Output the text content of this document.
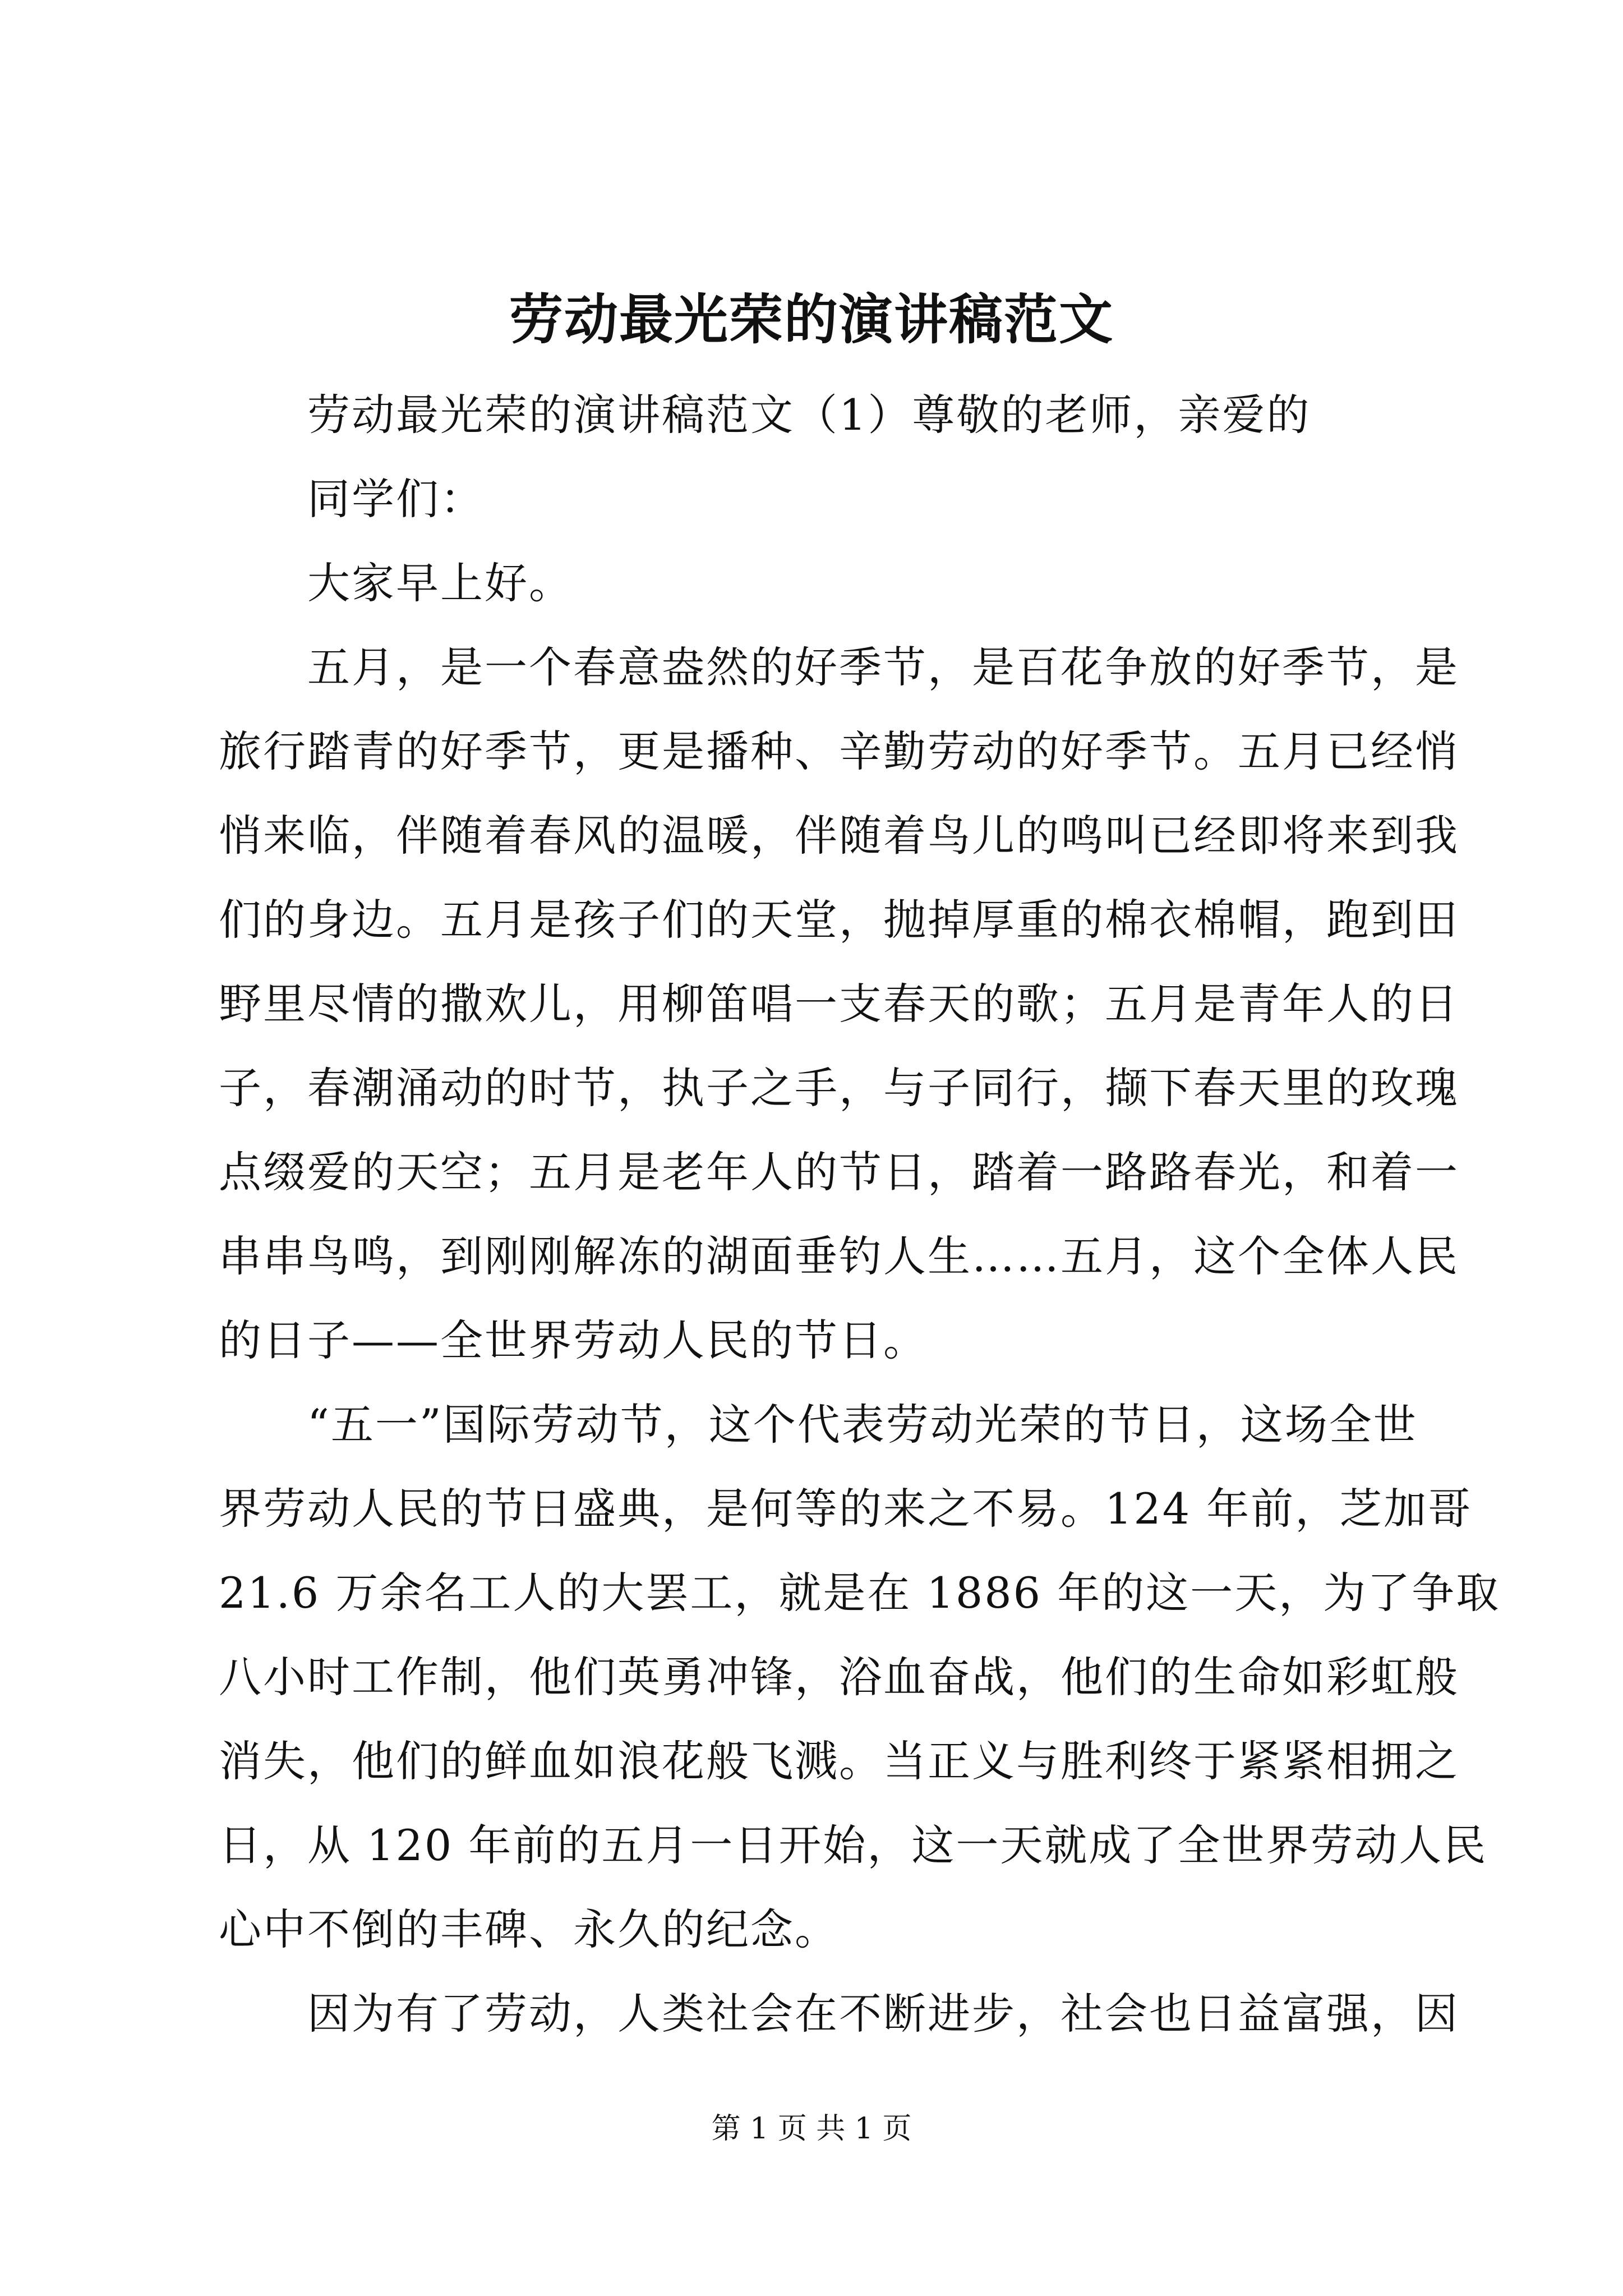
劳动最光荣的演讲稿范文
　　劳动最光荣的演讲稿范文（1）尊敬的老师，亲爱的
　　同学们：
　　大家早上好。
　　五月，是一个春意盎然的好季节，是百花争放的好季节，是
旅行踏青的好季节，更是播种、辛勤劳动的好季节。五月已经悄
悄来临，伴随着春风的温暖，伴随着鸟儿的鸣叫已经即将来到我
们的身边。五月是孩子们的天堂，抛掉厚重的棉衣棉帽，跑到田
野里尽情的撒欢儿，用柳笛唱一支春天的歌；五月是青年人的日
子，春潮涌动的时节，执子之手，与子同行，撷下春天里的玫瑰
点缀爱的天空；五月是老年人的节日，踏着一路路春光，和着一
串串鸟鸣，到刚刚解冻的湖面垂钓人生……五月，这个全体人民
的日子——全世界劳动人民的节日。
　　“五一”国际劳动节，这个代表劳动光荣的节日，这场全世
界劳动人民的节日盛典，是何等的来之不易。124 年前，芝加哥
21.6 万余名工人的大罢工，就是在 1886 年的这一天，为了争取
八小时工作制，他们英勇冲锋，浴血奋战，他们的生命如彩虹般
消失，他们的鲜血如浪花般飞溅。当正义与胜利终于紧紧相拥之
日，从 120 年前的五月一日开始，这一天就成了全世界劳动人民
心中不倒的丰碑、永久的纪念。
　　因为有了劳动，人类社会在不断进步，社会也日益富强，因
第 1 页 共 1 页
